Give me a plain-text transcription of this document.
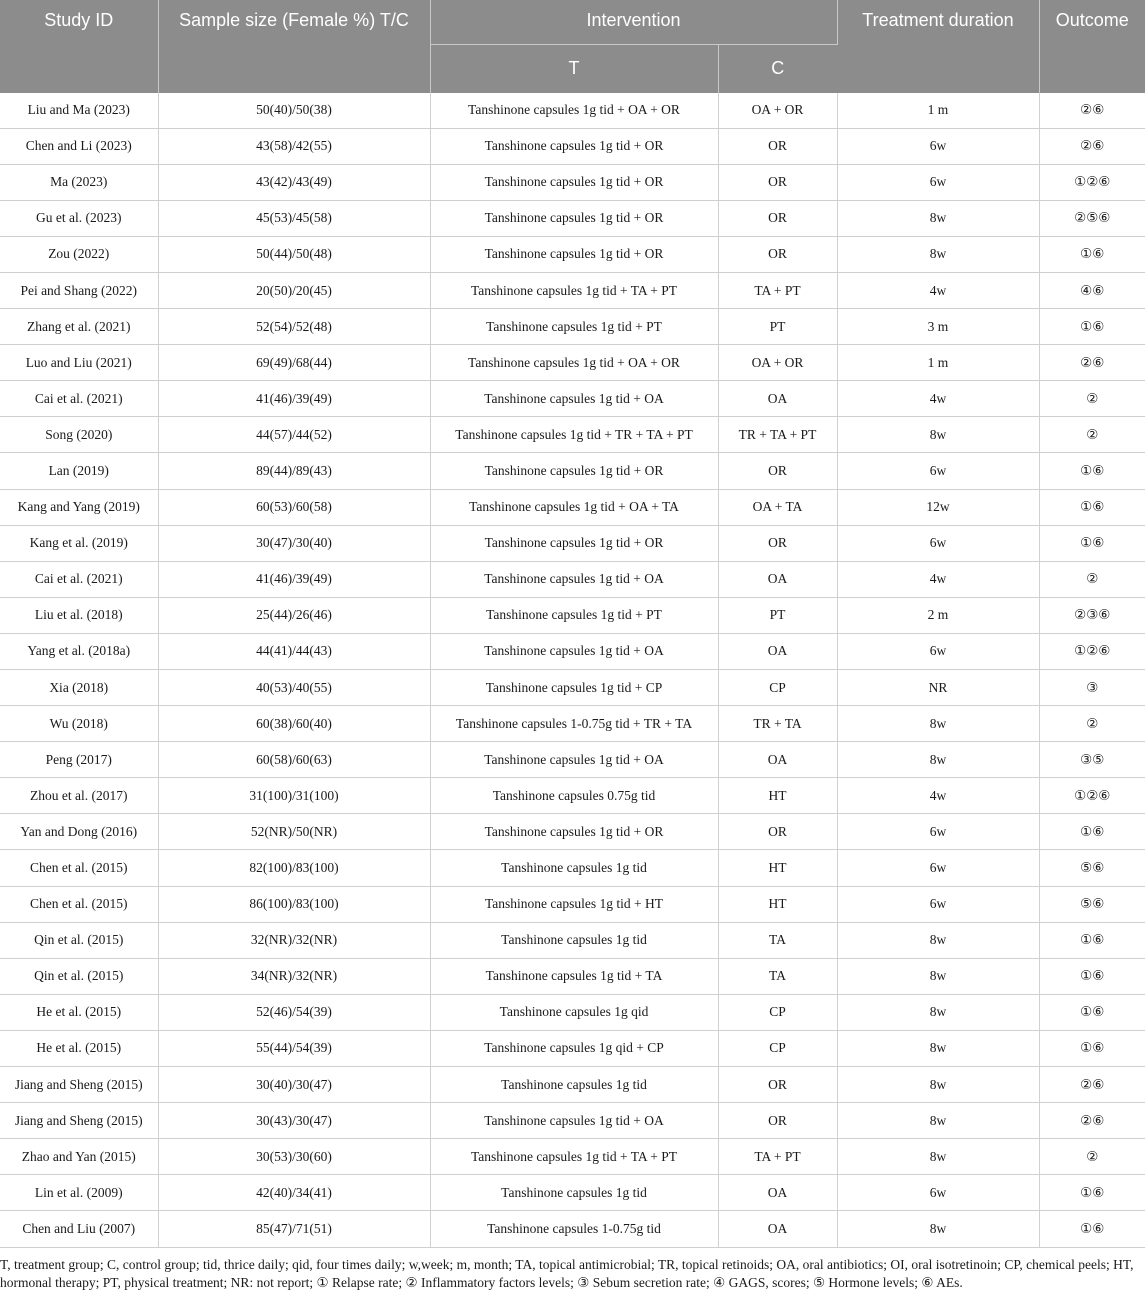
Study ID	Sample size (Female %) T/C	Intervention		Treatment duration	Outcome
		T	C		
Liu and Ma (2023)	50(40)/50(38)	Tanshinone capsules 1g tid + OA + OR	OA + OR	1 m	②⑥
Chen and Li (2023)	43(58)/42(55)	Tanshinone capsules 1g tid + OR	OR	6w	②⑥
Ma (2023)	43(42)/43(49)	Tanshinone capsules 1g tid + OR	OR	6w	①②⑥
Gu et al. (2023)	45(53)/45(58)	Tanshinone capsules 1g tid + OR	OR	8w	②⑤⑥
Zou (2022)	50(44)/50(48)	Tanshinone capsules 1g tid + OR	OR	8w	①⑥
Pei and Shang (2022)	20(50)/20(45)	Tanshinone capsules 1g tid + TA + PT	TA + PT	4w	④⑥
Zhang et al. (2021)	52(54)/52(48)	Tanshinone capsules 1g tid + PT	PT	3 m	①⑥
Luo and Liu (2021)	69(49)/68(44)	Tanshinone capsules 1g tid + OA + OR	OA + OR	1 m	②⑥
Cai et al. (2021)	41(46)/39(49)	Tanshinone capsules 1g tid + OA	OA	4w	②
Song (2020)	44(57)/44(52)	Tanshinone capsules 1g tid + TR + TA + PT	TR + TA + PT	8w	②
Lan (2019)	89(44)/89(43)	Tanshinone capsules 1g tid + OR	OR	6w	①⑥
Kang and Yang (2019)	60(53)/60(58)	Tanshinone capsules 1g tid + OA + TA	OA + TA	12w	①⑥
Kang et al. (2019)	30(47)/30(40)	Tanshinone capsules 1g tid + OR	OR	6w	①⑥
Cai et al. (2021)	41(46)/39(49)	Tanshinone capsules 1g tid + OA	OA	4w	②
Liu et al. (2018)	25(44)/26(46)	Tanshinone capsules 1g tid + PT	PT	2 m	②③⑥
Yang et al. (2018a)	44(41)/44(43)	Tanshinone capsules 1g tid + OA	OA	6w	①②⑥
Xia (2018)	40(53)/40(55)	Tanshinone capsules 1g tid + CP	CP	NR	③
Wu (2018)	60(38)/60(40)	Tanshinone capsules 1-0.75g tid + TR + TA	TR + TA	8w	②
Peng (2017)	60(58)/60(63)	Tanshinone capsules 1g tid + OA	OA	8w	③⑤
Zhou et al. (2017)	31(100)/31(100)	Tanshinone capsules 0.75g tid	HT	4w	①②⑥
Yan and Dong (2016)	52(NR)/50(NR)	Tanshinone capsules 1g tid + OR	OR	6w	①⑥
Chen et al. (2015)	82(100)/83(100)	Tanshinone capsules 1g tid	HT	6w	⑤⑥
Chen et al. (2015)	86(100)/83(100)	Tanshinone capsules 1g tid + HT	HT	6w	⑤⑥
Qin et al. (2015)	32(NR)/32(NR)	Tanshinone capsules 1g tid	TA	8w	①⑥
Qin et al. (2015)	34(NR)/32(NR)	Tanshinone capsules 1g tid + TA	TA	8w	①⑥
He et al. (2015)	52(46)/54(39)	Tanshinone capsules 1g qid	CP	8w	①⑥
He et al. (2015)	55(44)/54(39)	Tanshinone capsules 1g qid + CP	CP	8w	①⑥
Jiang and Sheng (2015)	30(40)/30(47)	Tanshinone capsules 1g tid	OR	8w	②⑥
Jiang and Sheng (2015)	30(43)/30(47)	Tanshinone capsules 1g tid + OA	OR	8w	②⑥
Zhao and Yan (2015)	30(53)/30(60)	Tanshinone capsules 1g tid + TA + PT	TA + PT	8w	②
Lin et al. (2009)	42(40)/34(41)	Tanshinone capsules 1g tid	OA	6w	①⑥
Chen and Liu (2007)	85(47)/71(51)	Tanshinone capsules 1-0.75g tid	OA	8w	①⑥
T, treatment group; C, control group; tid, thrice daily; qid, four times daily; w,week; m, month; TA, topical antimicrobial; TR, topical retinoids; OA, oral antibiotics; OI, oral isotretinoin; CP, chemical peels; HT, hormonal therapy; PT, physical treatment; NR: not report; ① Relapse rate; ② Inflammatory factors levels; ③ Sebum secretion rate; ④ GAGS, scores; ⑤ Hormone levels; ⑥ AEs.
